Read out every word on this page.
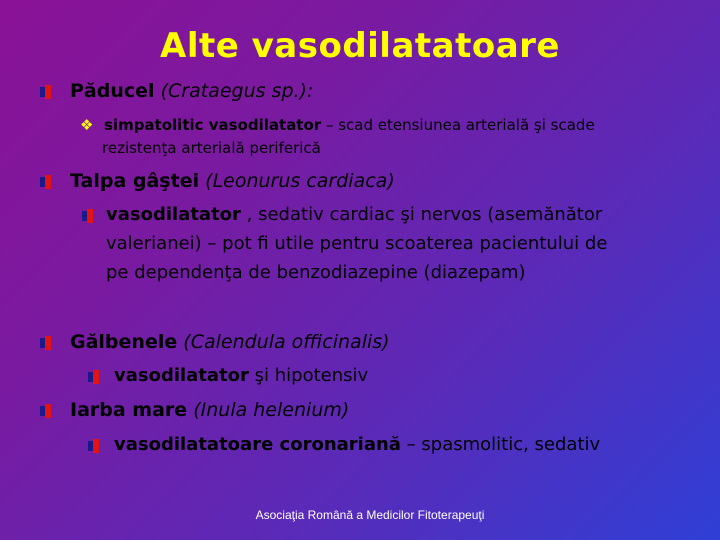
Alte vasodilatatoare
Păducel (Crataegus sp.):
❖ simpatolitic vasodilatator – scad etensiunea arterială şi scade
rezistenţa arterială periferică
Talpa gâştei (Leonurus cardiaca)
vasodilatator , sedativ cardiac şi nervos (asemănător
valerianei) – pot fi utile pentru scoaterea pacientului de
pe dependenţa de benzodiazepine (diazepam)
Gălbenele (Calendula officinalis)
vasodilatator şi hipotensiv
Iarba mare (Inula helenium)
vasodilatatoare coronariană – spasmolitic, sedativ
Asociaţia Română a Medicilor Fitoterapeuţi
